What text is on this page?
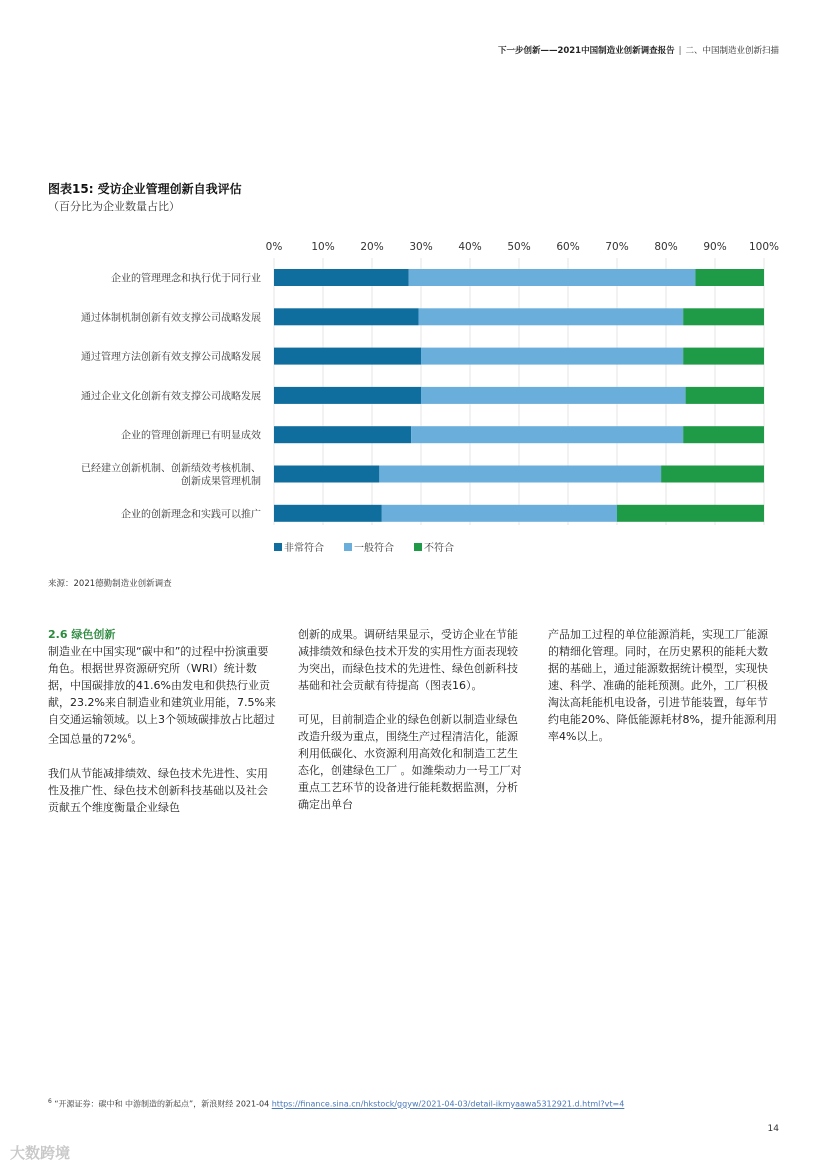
下一步创新——2021中国制造业创新调查报告 | 二、中国制造业创新扫描
图表15: 受访企业管理创新自我评估
（百分比为企业数量占比）
0%	10% 20% 30% 40% 50% 60% 70% 80% 90% 100%
企业的管理理念和执行优于同行业
通过体制机制创新有效支撑公司战略发展
通过管理方法创新有效支撑公司战略发展
通过企业文化创新有效支撑公司战略发展
企业的管理创新理已有明显成效
已经建立创新机制、创新绩效考核机制、
创新成果管理机制
企业的创新理念和实践可以推广
非常符合	一般符合	不符合
来源：2021德勤制造业创新调查
2.6 绿色创新

制造业在中国实现“碳中和”的过程中扮演重要角色。根据世界资源研究所（WRI）统计数据，中国碳排放的41.6%由发电和供热行业贡献，23.2%来自制造业和建筑业用能，7.5%来自交通运输领域。以上3个领域碳排放占比超过全国总量的72%$^6$。

我们从节能减排绩效、绿色技术先进性、实用性及推广性、绿色技术创新科技基础以及社会贡献五个维度衡量企业绿色

创新的成果。调研结果显示，受访企业在节能减排绩效和绿色技术开发的实用性方面表现较为突出，而绿色技术的先进性、绿色创新科技基础和社会贡献有待提高（图表16）。

可见，目前制造企业的绿色创新以制造业绿色改造升级为重点，围绕生产过程清洁化，能源利用低碳化、水资源利用高效化和制造工艺生态化，创建绿色工厂 。如潍柴动力一号工厂对重点工艺环节的设备进行能耗数据监测，分析确定出单台

产品加工过程的单位能源消耗，实现工厂能源的精细化管理。同时，在历史累积的能耗大数据的基础上，通过能源数据统计模型，实现快速、科学、准确的能耗预测。此外，工厂积极淘汰高耗能机电设备，引进节能装置，每年节约电能20%、降低能源耗材8%，提升能源利用率4%以上。

$^6$ “开源证券：碳中和 中游制造的新起点”，新浪财经 2021-04 https://finance.sina.cn/hkstock/ggyw/2021-04-03/detail-ikmyaawa5312921.d.html?vt=4
14
大数跨境
